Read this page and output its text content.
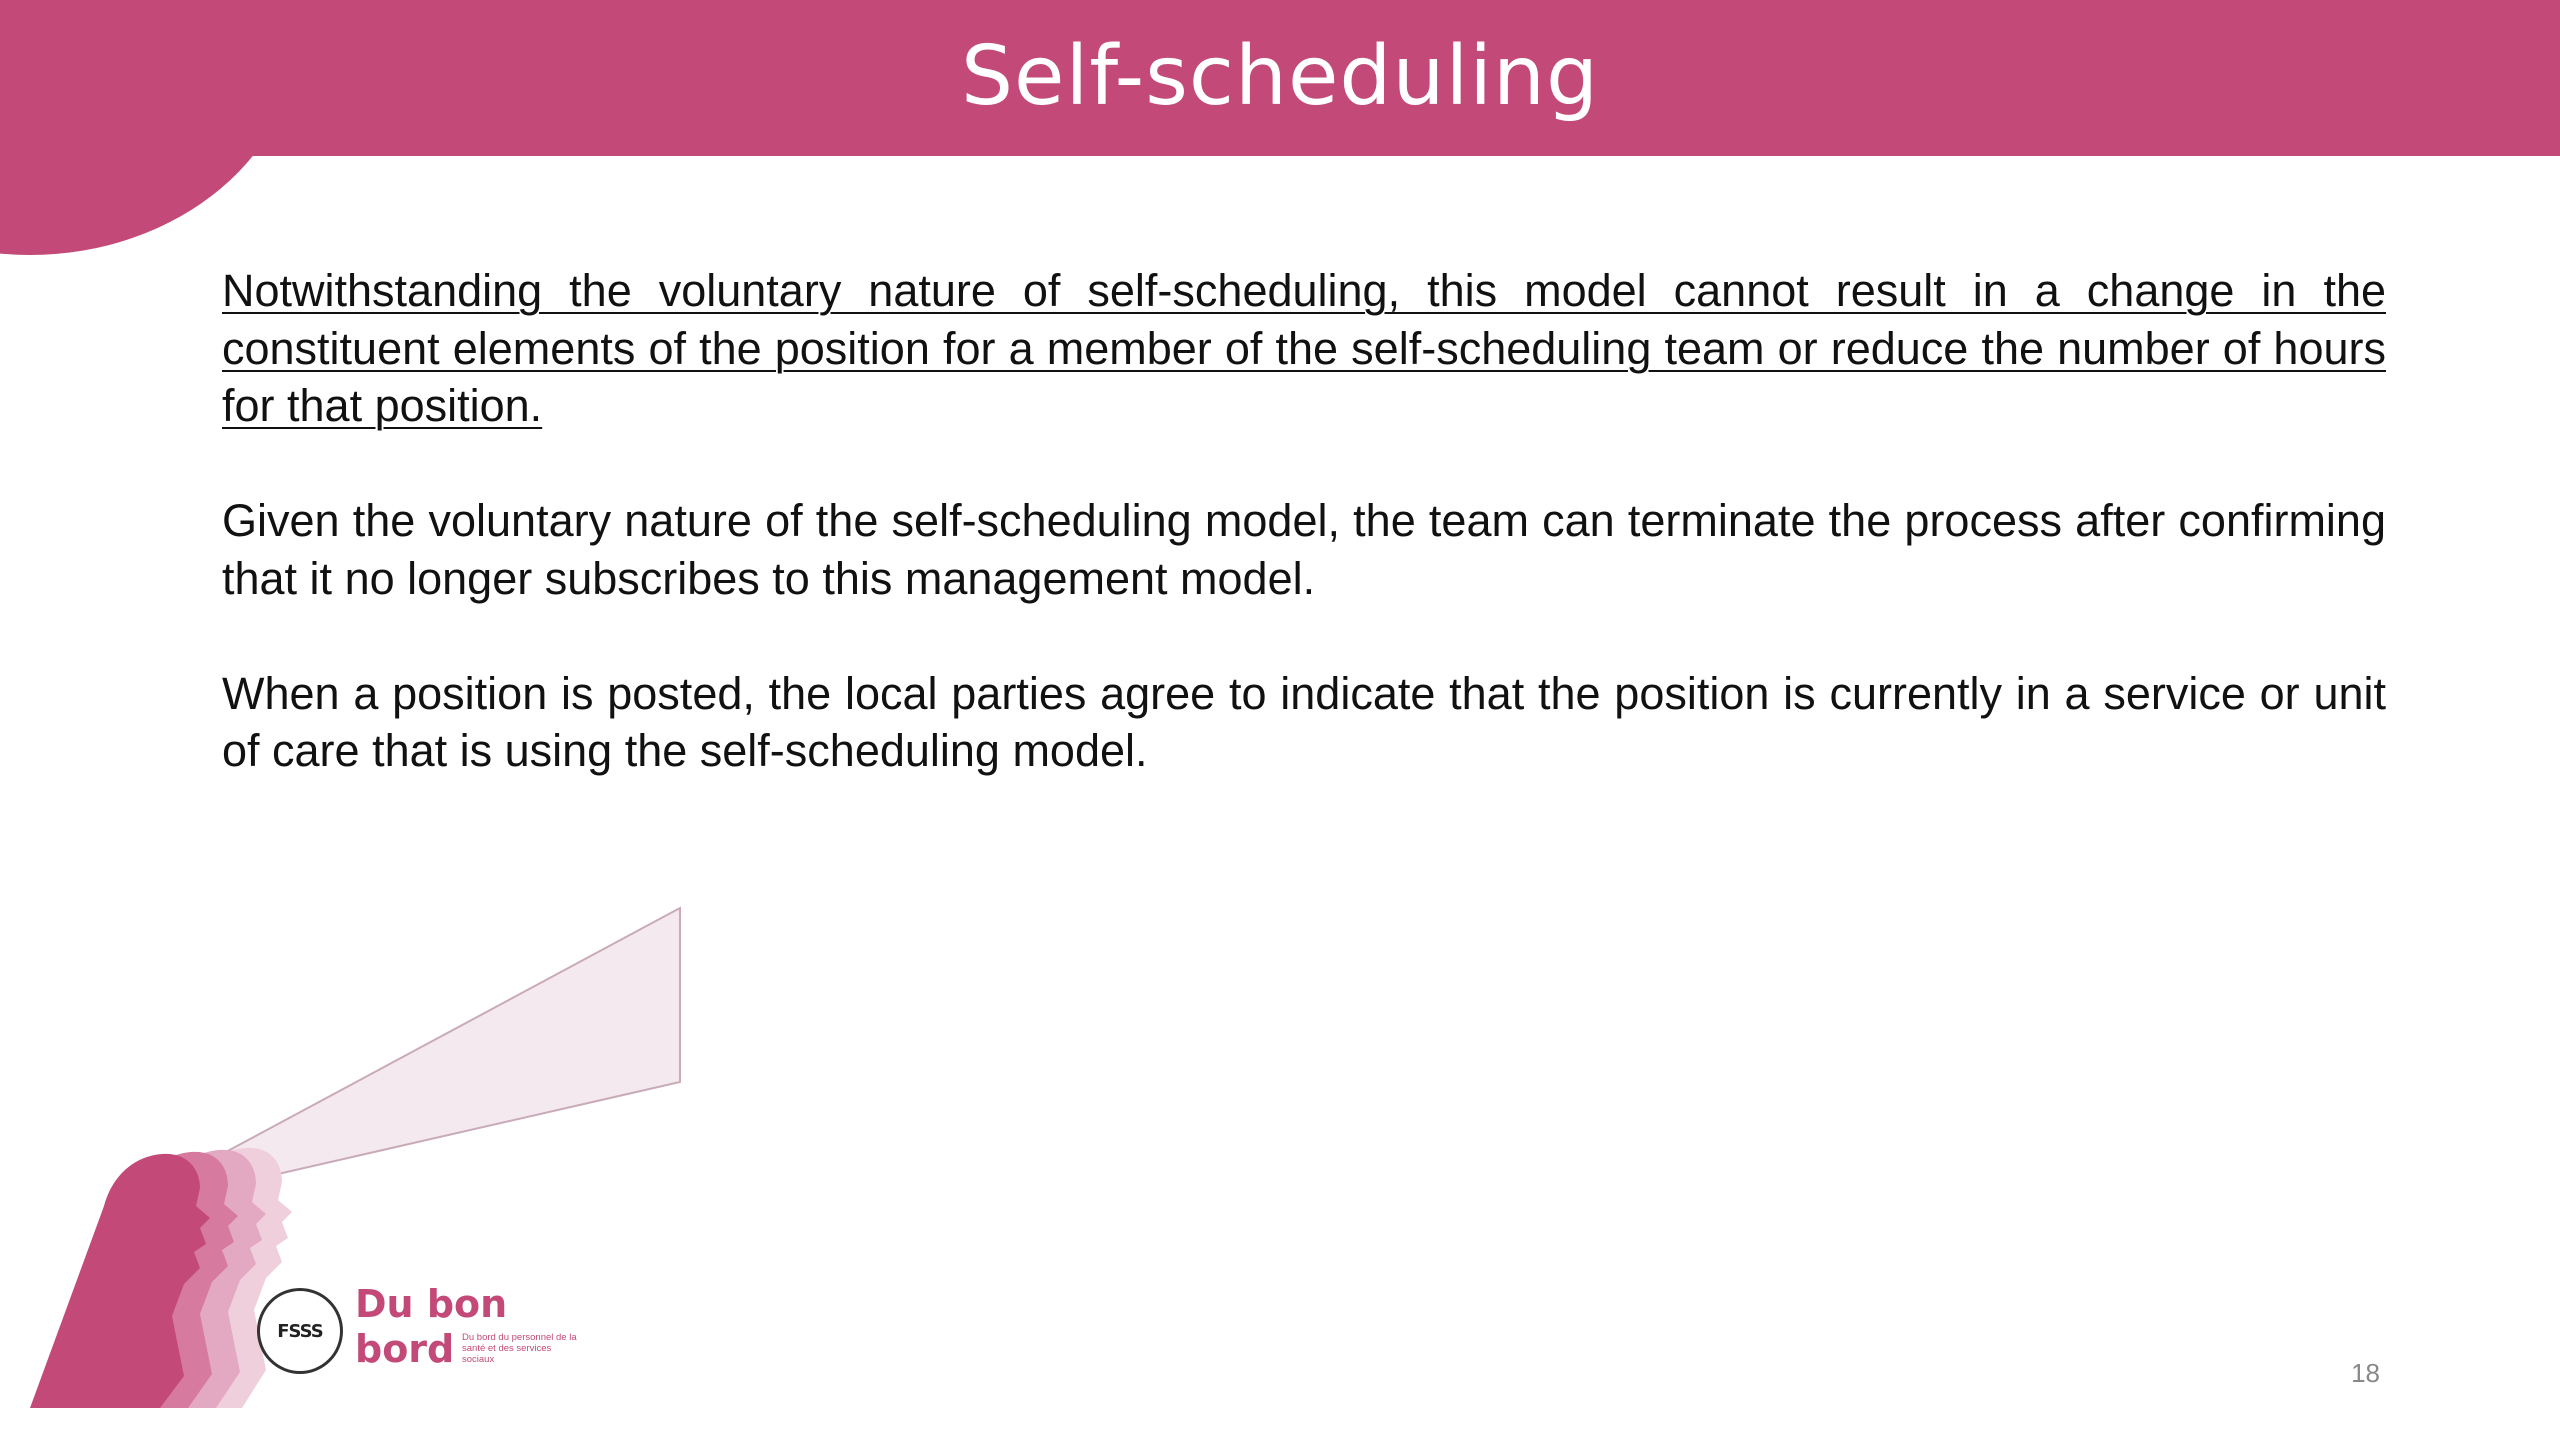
Self-scheduling

Notwithstanding the voluntary nature of self-scheduling, this model cannot result in a change in the constituent elements of the position for a member of the self-scheduling team or reduce the number of hours for that position.

Given the voluntary nature of the self-scheduling model, the team can terminate the process after confirming that it no longer subscribes to this management model.

When a position is posted, the local parties agree to indicate that the position is currently in a service or unit of care that is using the self-scheduling model.

FSSS
Du bon
bord Du bord du personnel de la santé et des services sociaux	18
